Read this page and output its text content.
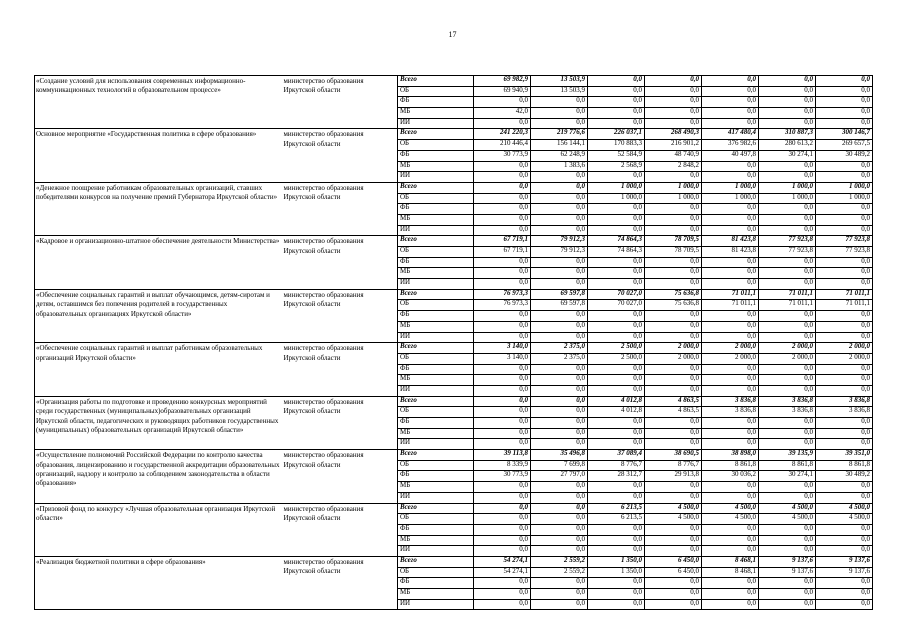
17
«Создание условий для использования современных информационно-коммуникационных технологий в образовательном процессе»	министерство образования Иркутской области	Всего	69 982,9	13 503,9	0,0	0,0	0,0	0,0	0,0
		ОБ	69 940,9	13 503,9	0,0	0,0	0,0	0,0	0,0
		ФБ	0,0	0,0	0,0	0,0	0,0	0,0	0,0
		МБ	42,0	0,0	0,0	0,0	0,0	0,0	0,0
		ИИ	0,0	0,0	0,0	0,0	0,0	0,0	0,0
Основное мероприятие «Государственная политика в сфере образования»	министерство образования Иркутской области	Всего	241 220,3	219 776,6	226 037,1	268 490,3	417 480,4	310 887,3	300 146,7
		ОБ	210 446,4	156 144,1	170 883,3	216 901,2	376 982,6	280 613,2	269 657,5
		ФБ	30 773,9	62 248,9	52 584,9	48 740,9	40 497,8	30 274,1	30 489,2
		МБ	0,0	1 383,6	2 568,9	2 848,2	0,0	0,0	0,0
		ИИ	0,0	0,0	0,0	0,0	0,0	0,0	0,0
«Денежное поощрение работникам образовательных организаций, ставших победителями конкурсов на получение премий Губернатора Иркутской области»	министерство образования Иркутской области	Всего	0,0	0,0	1 000,0	1 000,0	1 000,0	1 000,0	1 000,0
		ОБ	0,0	0,0	1 000,0	1 000,0	1 000,0	1 000,0	1 000,0
		ФБ	0,0	0,0	0,0	0,0	0,0	0,0	0,0
		МБ	0,0	0,0	0,0	0,0	0,0	0,0	0,0
		ИИ	0,0	0,0	0,0	0,0	0,0	0,0	0,0
«Кадровое и организационно-штатное обеспечение деятельности Министерства»	министерство образования Иркутской области	Всего	67 719,1	79 912,3	74 864,3	78 709,5	81 423,8	77 923,8	77 923,8
		ОБ	67 719,1	79 912,3	74 864,3	78 709,5	81 423,8	77 923,8	77 923,8
		ФБ	0,0	0,0	0,0	0,0	0,0	0,0	0,0
		МБ	0,0	0,0	0,0	0,0	0,0	0,0	0,0
		ИИ	0,0	0,0	0,0	0,0	0,0	0,0	0,0
«Обеспечение социальных гарантий и выплат обучающимся, детям-сиротам и детям, оставшимся без попечения родителей в государственных образовательных организациях Иркутской области»	министерство образования Иркутской области	Всего	76 973,3	69 597,8	70 027,0	75 636,8	71 011,1	71 011,1	71 011,1
		ОБ	76 973,3	69 597,8	70 027,0	75 636,8	71 011,1	71 011,1	71 011,1
		ФБ	0,0	0,0	0,0	0,0	0,0	0,0	0,0
		МБ	0,0	0,0	0,0	0,0	0,0	0,0	0,0
		ИИ	0,0	0,0	0,0	0,0	0,0	0,0	0,0
«Обеспечение социальных гарантий и выплат работникам образовательных организаций Иркутской области»	министерство образования Иркутской области	Всего	3 140,0	2 375,0	2 500,0	2 000,0	2 000,0	2 000,0	2 000,0
		ОБ	3 140,0	2 375,0	2 500,0	2 000,0	2 000,0	2 000,0	2 000,0
		ФБ	0,0	0,0	0,0	0,0	0,0	0,0	0,0
		МБ	0,0	0,0	0,0	0,0	0,0	0,0	0,0
		ИИ	0,0	0,0	0,0	0,0	0,0	0,0	0,0
«Организация работы по подготовке и проведению конкурсных мероприятий среди государственных (муниципальных)образовательных организаций Иркутской области, педагогических и руководящих работников государственных (муниципальных) образовательных организаций Иркутской области»	министерство образования Иркутской области	Всего	0,0	0,0	4 012,8	4 863,5	3 836,8	3 836,8	3 836,8
		ОБ	0,0	0,0	4 012,8	4 863,5	3 836,8	3 836,8	3 836,8
		ФБ	0,0	0,0	0,0	0,0	0,0	0,0	0,0
		МБ	0,0	0,0	0,0	0,0	0,0	0,0	0,0
		ИИ	0,0	0,0	0,0	0,0	0,0	0,0	0,0
«Осуществление полномочий Российской Федерации по контролю качества образования, лицензированию и государственной аккредитации образовательных организаций, надзору и контролю за соблюдением законодательства в области образования»	министерство образования Иркутской области	Всего	39 113,8	35 496,8	37 089,4	38 690,5	38 898,0	39 135,9	39 351,0
		ОБ	8 339,9	7 699,8	8 776,7	8 776,7	8 861,8	8 861,8	8 861,8
		ФБ	30 773,9	27 797,0	28 312,7	29 913,8	30 036,2	30 274,1	30 489,2
		МБ	0,0	0,0	0,0	0,0	0,0	0,0	0,0
		ИИ	0,0	0,0	0,0	0,0	0,0	0,0	0,0
«Призовой фонд по конкурсу «Лучшая образовательная организация Иркутской области»	министерство образования Иркутской области	Всего	0,0	0,0	6 213,5	4 500,0	4 500,0	4 500,0	4 500,0
		ОБ	0,0	0,0	6 213,5	4 500,0	4 500,0	4 500,0	4 500,0
		ФБ	0,0	0,0	0,0	0,0	0,0	0,0	0,0
		МБ	0,0	0,0	0,0	0,0	0,0	0,0	0,0
		ИИ	0,0	0,0	0,0	0,0	0,0	0,0	0,0
«Реализация бюджетной политики в сфере образования»	министерство образования Иркутской области	Всего	54 274,1	2 559,2	1 350,0	6 450,0	8 468,1	9 137,6	9 137,6
		ОБ	54 274,1	2 559,2	1 350,0	6 450,0	8 468,1	9 137,6	9 137,6
		ФБ	0,0	0,0	0,0	0,0	0,0	0,0	0,0
		МБ	0,0	0,0	0,0	0,0	0,0	0,0	0,0
		ИИ	0,0	0,0	0,0	0,0	0,0	0,0	0,0
